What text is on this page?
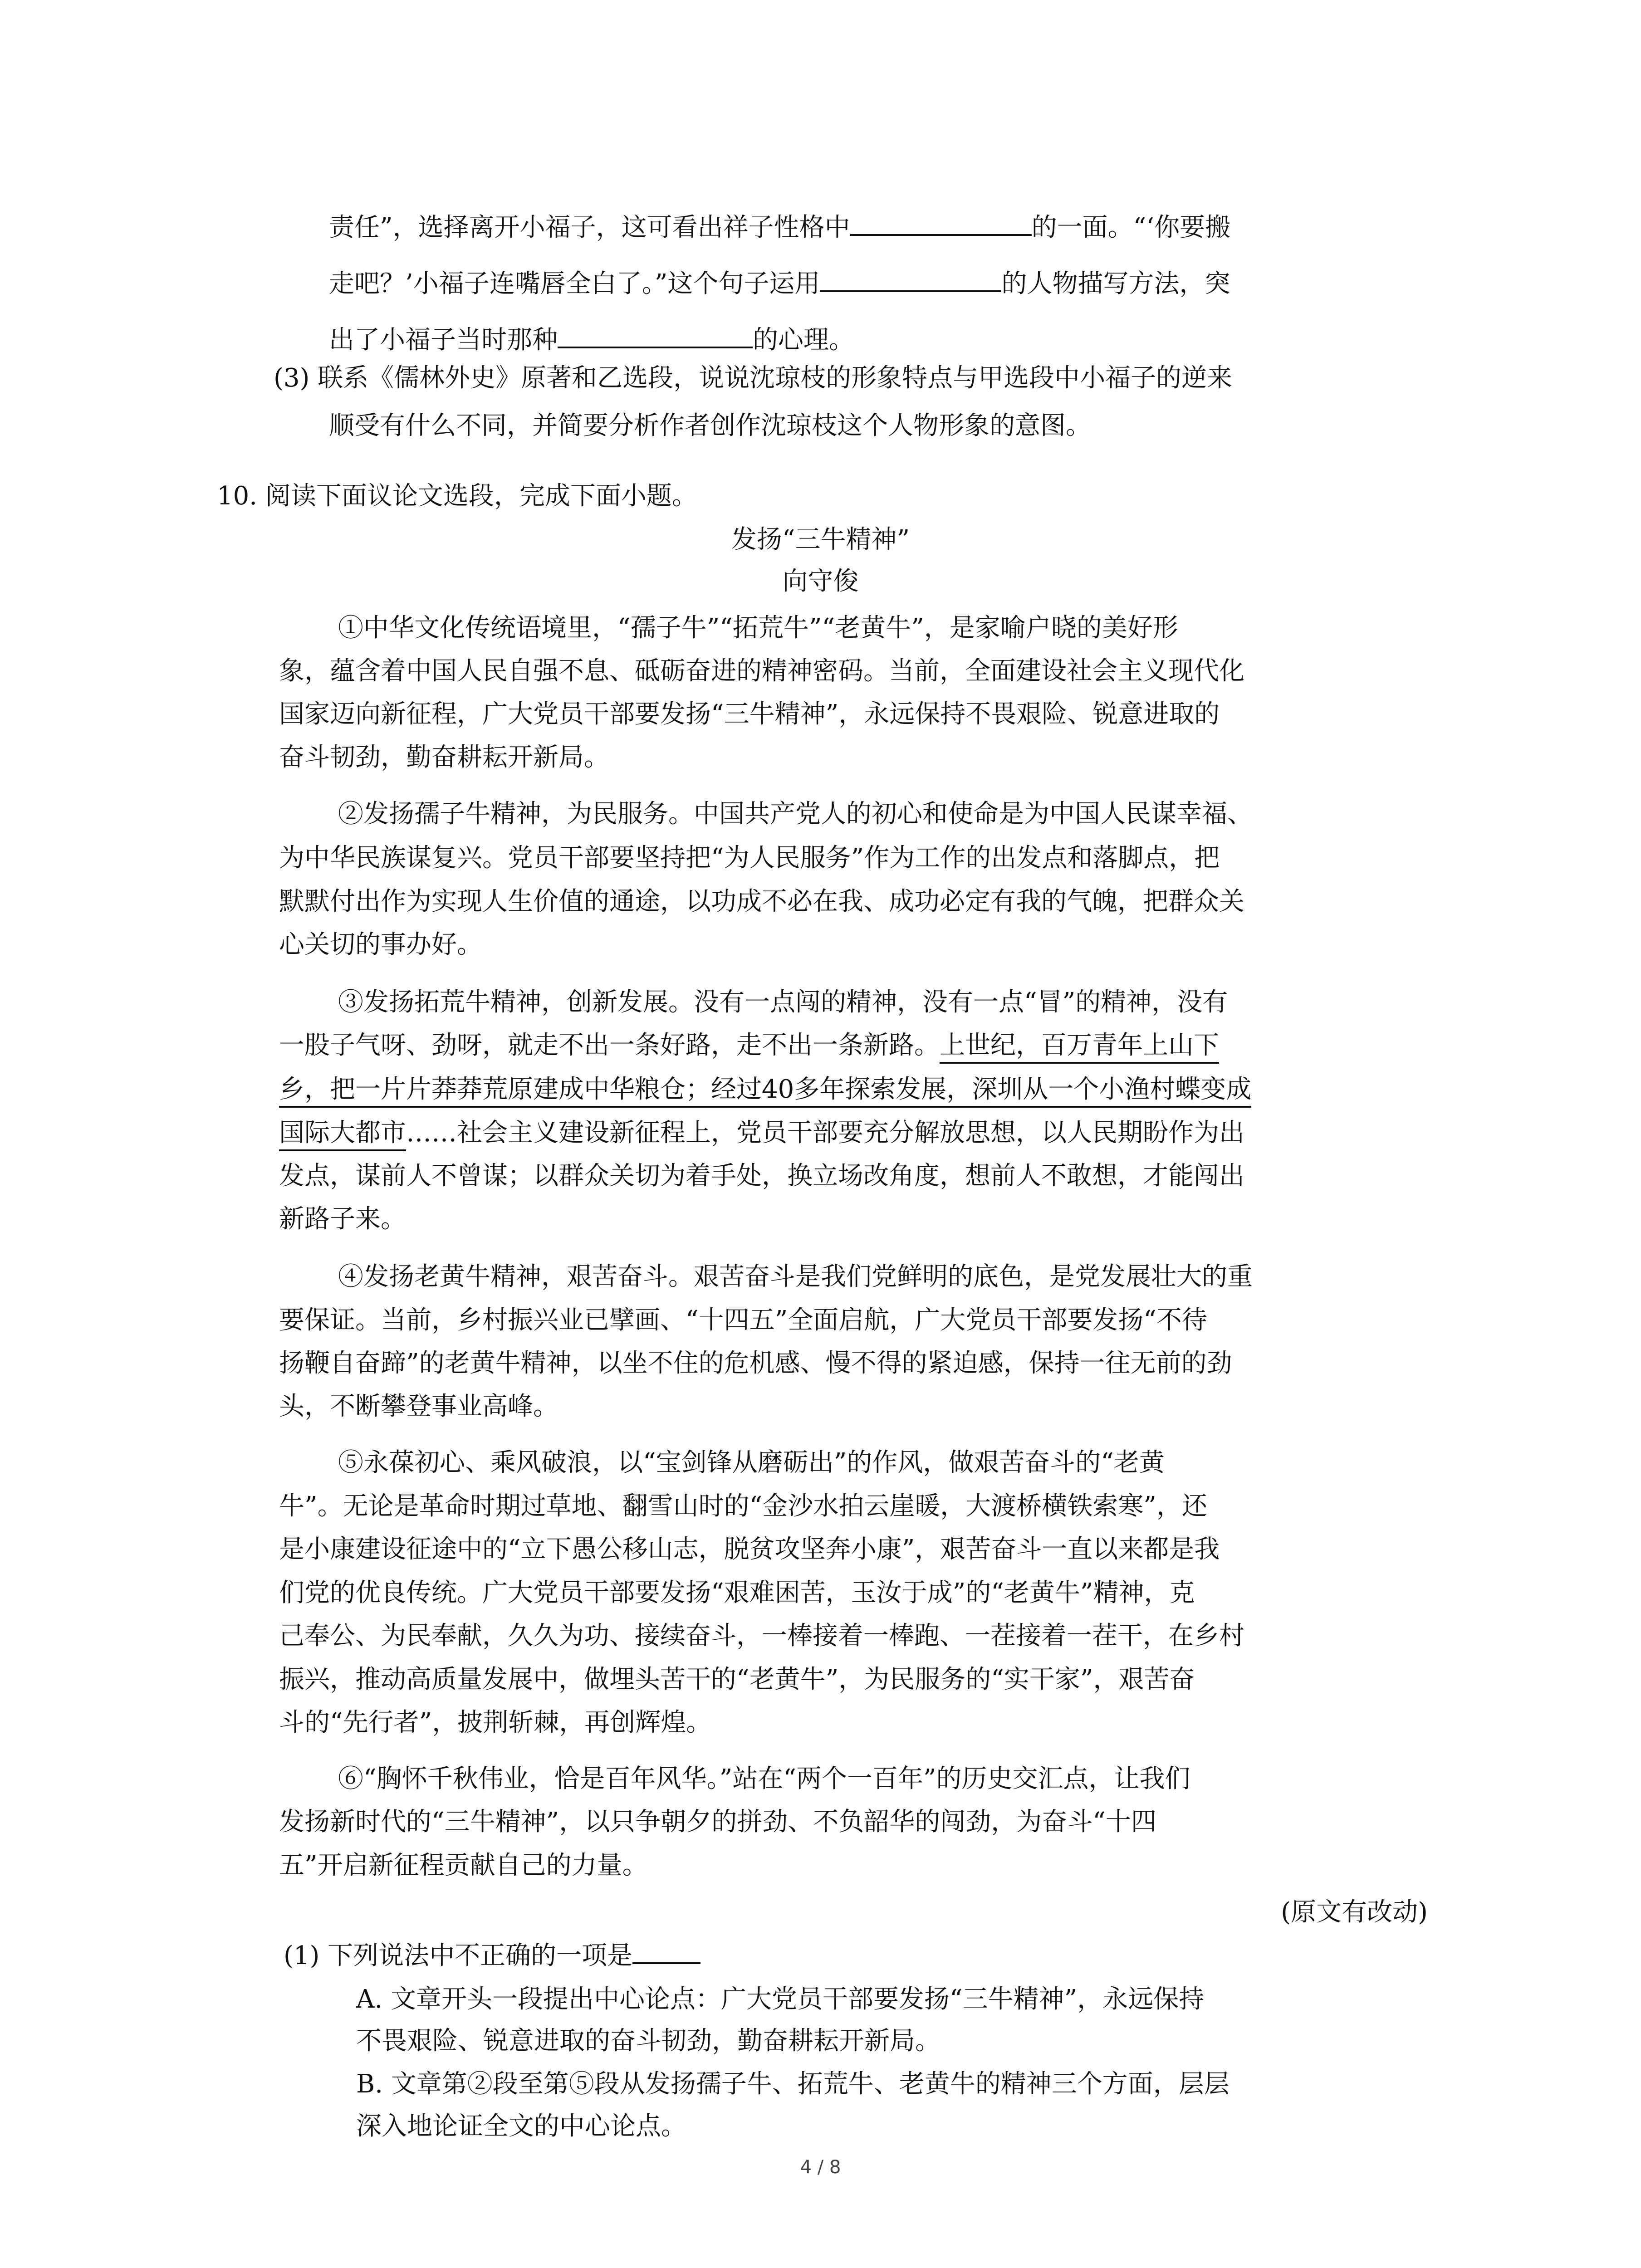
责任”，选择离开小福子，这可看出祥子性格中	的一面。“‘你要搬
走吧？’小福子连嘴唇全白了。”这个句子运用	的人物描写方法，突
出了小福子当时那种	的心理。
(3) 联系《儒林外史》原著和乙选段，说说沈琼枝的形象特点与甲选段中小福子的逆来
顺受有什么不同，并简要分析作者创作沈琼枝这个人物形象的意图。
10. 阅读下面议论文选段，完成下面小题。
发扬“三牛精神”
向守俊
①中华文化传统语境里，“孺子牛”“拓荒牛”“老黄牛”，是家喻户晓的美好形
象，蕴含着中国人民自强不息、砥砺奋进的精神密码。当前，全面建设社会主义现代化
国家迈向新征程，广大党员干部要发扬“三牛精神”，永远保持不畏艰险、锐意进取的
奋斗韧劲，勤奋耕耘开新局。
②发扬孺子牛精神，为民服务。中国共产党人的初心和使命是为中国人民谋幸福、
为中华民族谋复兴。党员干部要坚持把“为人民服务”作为工作的出发点和落脚点，把
默默付出作为实现人生价值的通途，以功成不必在我、成功必定有我的气魄，把群众关
心关切的事办好。
③发扬拓荒牛精神，创新发展。没有一点闯的精神，没有一点“冒”的精神，没有
一股子气呀、劲呀，就走不出一条好路，走不出一条新路。上世纪，百万青年上山下
乡，把一片片莽莽荒原建成中华粮仓；经过40多年探索发展，深圳从一个小渔村蝶变成
国际大都市……社会主义建设新征程上，党员干部要充分解放思想，以人民期盼作为出
发点，谋前人不曾谋；以群众关切为着手处，换立场改角度，想前人不敢想，才能闯出
新路子来。
④发扬老黄牛精神，艰苦奋斗。艰苦奋斗是我们党鲜明的底色，是党发展壮大的重
要保证。当前，乡村振兴业已擘画、“十四五”全面启航，广大党员干部要发扬“不待
扬鞭自奋蹄”的老黄牛精神，以坐不住的危机感、慢不得的紧迫感，保持一往无前的劲
头，不断攀登事业高峰。
⑤永葆初心、乘风破浪，以“宝剑锋从磨砺出”的作风，做艰苦奋斗的“老黄
牛”。无论是革命时期过草地、翻雪山时的“金沙水拍云崖暖，大渡桥横铁索寒”，还
是小康建设征途中的“立下愚公移山志，脱贫攻坚奔小康”，艰苦奋斗一直以来都是我
们党的优良传统。广大党员干部要发扬“艰难困苦，玉汝于成”的“老黄牛”精神，克
己奉公、为民奉献，久久为功、接续奋斗，一棒接着一棒跑、一茬接着一茬干，在乡村
振兴，推动高质量发展中，做埋头苦干的“老黄牛”，为民服务的“实干家”，艰苦奋
斗的“先行者”，披荆斩棘，再创辉煌。
⑥“胸怀千秋伟业，恰是百年风华。”站在“两个一百年”的历史交汇点，让我们
发扬新时代的“三牛精神”，以只争朝夕的拼劲、不负韶华的闯劲，为奋斗“十四
五”开启新征程贡献自己的力量。
(原文有改动)
(1) 下列说法中不正确的一项是
A. 文章开头一段提出中心论点：广大党员干部要发扬“三牛精神”，永远保持
不畏艰险、锐意进取的奋斗韧劲，勤奋耕耘开新局。
B. 文章第②段至第⑤段从发扬孺子牛、拓荒牛、老黄牛的精神三个方面，层层
深入地论证全文的中心论点。
4 / 8
